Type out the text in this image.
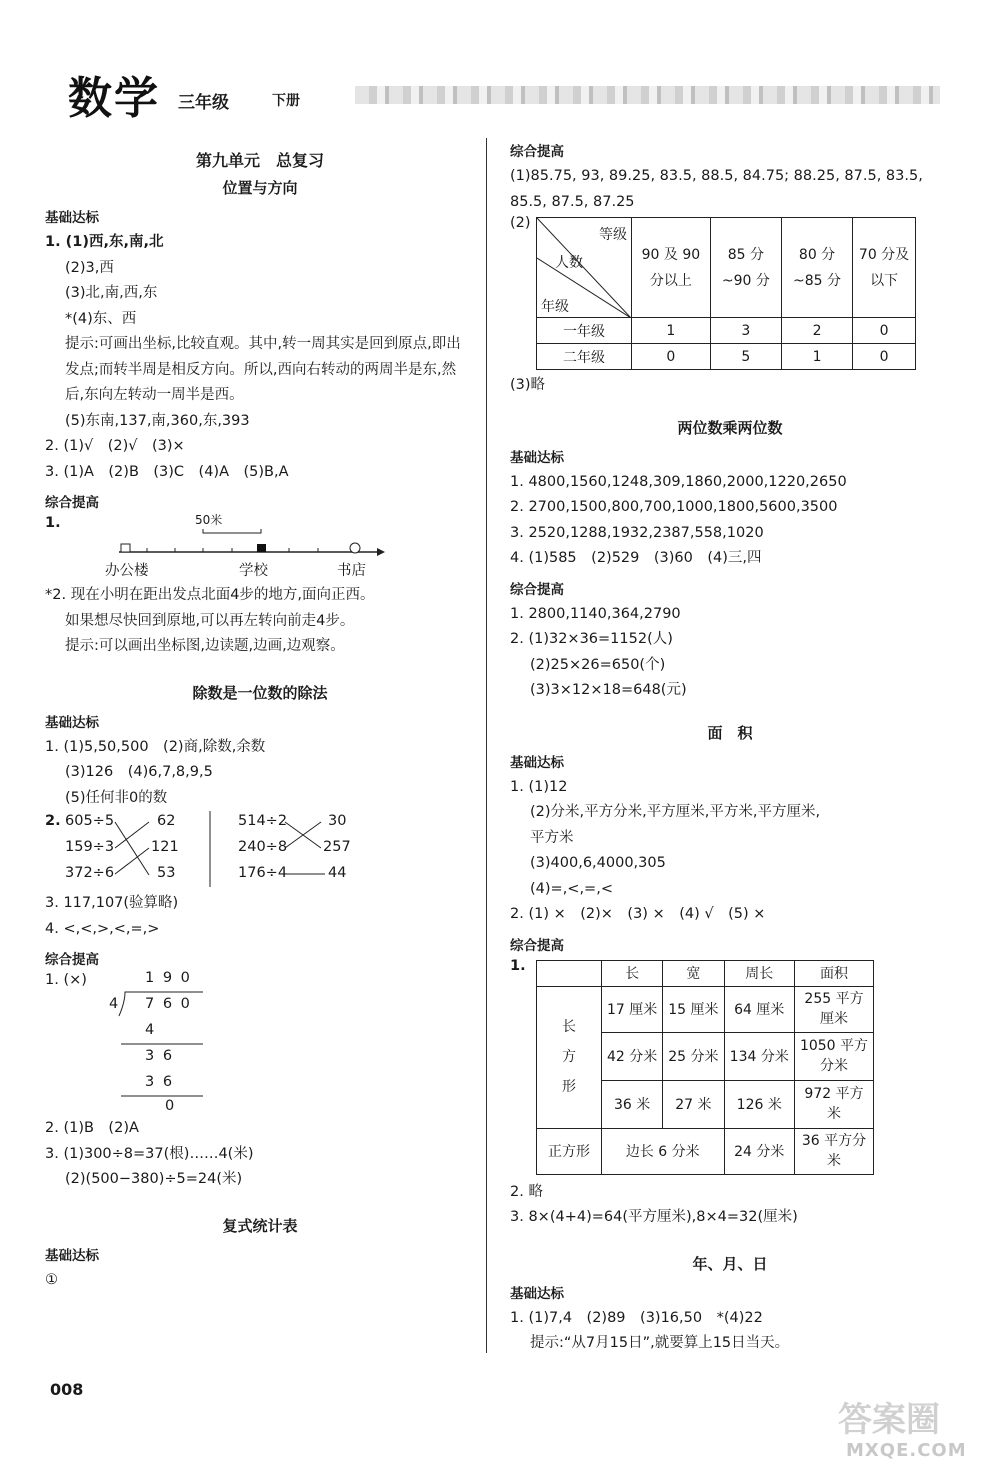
数学 三年级	下册
第九单元　总复习
位置与方向
基础达标
1. (1)西,东,南,北
(2)3,西
(3)北,南,西,东
*(4)东、西
提示:可画出坐标,比较直观。其中,转一周其实是回到原点,即出发点;而转半周是相反方向。所以,西向右转动的两周半是东,然后,东向左转动一周半是西。
(5)东南,137,南,360,东,393
2. (1)√　(2)√　(3)×
3. (1)A　(2)B　(3)C　(4)A　(5)B,A
综合提高
1.	50米
办公楼	学校	书店
*2. 现在小明在距出发点北面4步的地方,面向正西。
如果想尽快回到原地,可以再左转向前走4步。
提示:可以画出坐标图,边读题,边画,边观察。
除数是一位数的除法
基础达标
1. (1)5,50,500　(2)商,除数,余数
(3)126　(4)6,7,8,9,5
(5)任何非0的数
2. 605÷5
159÷3
372÷6
62
121
53
514÷2
240÷8
176÷4
30
257
44
3. 117,107(验算略)
4. <,<,>,<,=,>
综合提高
1. (×)	1 9 0
4 7 6 0
4
3 6
3 6
0
2. (1)B　(2)A
3. (1)300÷8=37(根)……4(米)
(2)(500−380)÷5=24(米)
复式统计表
基础达标
①
综合提高
(1)85.75, 93, 89.25, 83.5, 88.5, 84.75; 88.25, 87.5, 83.5,
85.5, 87.5, 87.25
(2)
等级
人数
年级	90 及 90 分以上	85 分~90 分	80 分~85 分	70 分及以下
一年级	1	3	2	0
二年级	0	5	1	0
(3)略
两位数乘两位数
基础达标
1. 4800,1560,1248,309,1860,2000,1220,2650
2. 2700,1500,800,700,1000,1800,5600,3500
3. 2520,1288,1932,2387,558,1020
4. (1)585　(2)529　(3)60　(4)三,四
综合提高
1. 2800,1140,364,2790
2. (1)32×36=1152(人)
(2)25×26=650(个)
(3)3×12×18=648(元)
面　积
基础达标
1. (1)12
(2)分米,平方分米,平方厘米,平方米,平方厘米,
平方米
(3)400,6,4000,305
(4)=,<,=,<
2. (1) ×　(2)×　(3) ×　(4) √　(5) ×
综合提高
1.
	长	宽	周长	面积
长方形	17 厘米	15 厘米	64 厘米	255 平方厘米
	42 分米	25 分米	134 分米	1050 平方分米
	36 米	27 米	126 米	972 平方米
正方形	边长 6 分米		24 分米	36 平方分米
2. 略
3. 8×(4+4)=64(平方厘米),8×4=32(厘米)
年、月、日
基础达标
1. (1)7,4　(2)89　(3)16,50　*(4)22
提示:“从7月15日”,就要算上15日当天。
008
答案圈
MXQE.COM
